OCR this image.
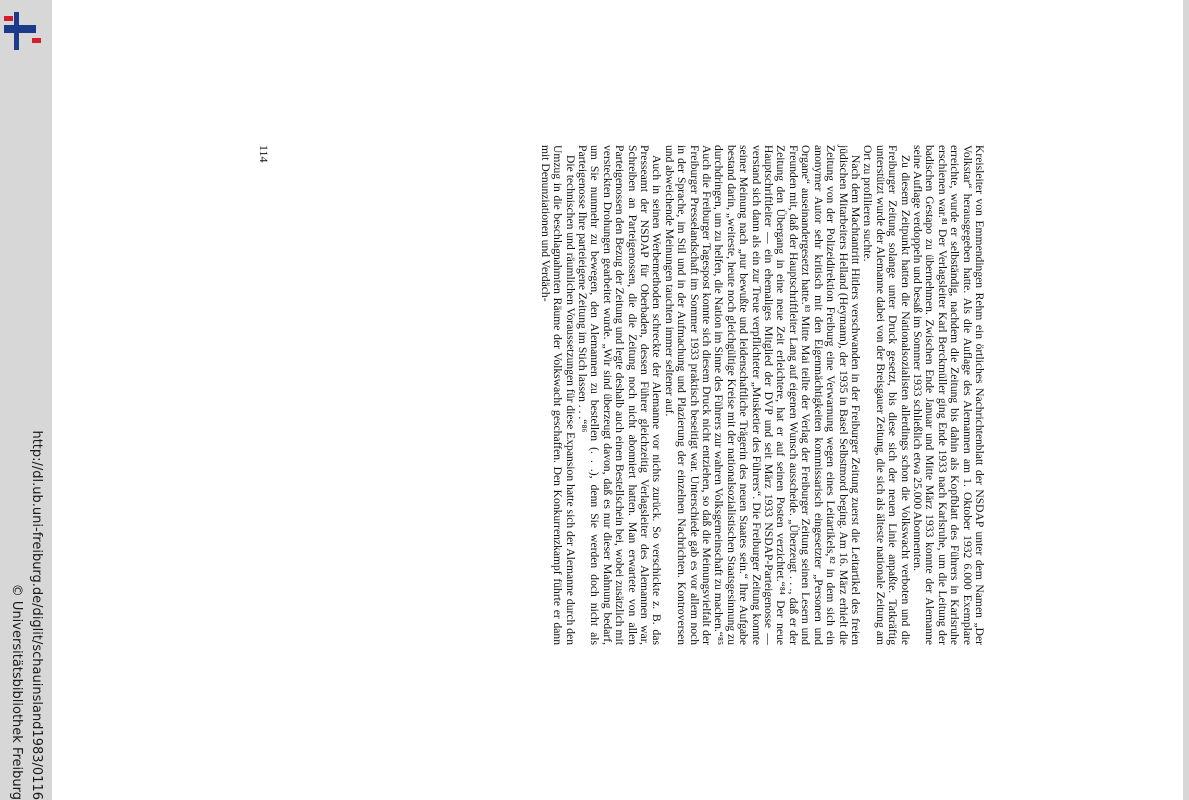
http://dl.ub.uni-freiburg.de/diglit/schauinsland1983/0116
© Universitätsbibliothek Freiburg

Kreisleiter von Emmendingen Rehm ein örtliches Nachrichtenblatt der NSDAP unter dem Namen „Der Volkstar“ herausgegeben hatte. Als die Auflage des Alemannen am 1. Oktober 1932 6.000 Exemplare erreichte, wurde er selbständig, nachdem die Zeitung bis dahin als Kopfblatt des Führers in Karlsruhe erschienen war.⁸¹ Der Verlagsleiter Karl Berckmüller ging Ende 1933 nach Karlsruhe, um die Leitung der badischen Gestapo zu übernehmen. Zwischen Ende Januar und Mitte März 1933 konnte der Alemanne seine Auflage verdoppeln und besaß im Sommer 1933 schließlich etwa 25.000 Abonnenten.

Zu diesem Zeitpunkt hatten die Nationalsozialisten allerdings schon die Volkswacht verboten und die Freiburger Zeitung solange unter Druck gesetzt, bis diese sich der neuen Linie anpaßte. Tatkräftig unterstützt wurde der Alemanne dabei von der Breisgauer Zeitung, die sich als älteste nationale Zeitung am Ort zu profilieren suchte.

Nach dem Machtantritt Hitlers verschwanden in der Freiburger Zeitung zuerst die Leitartikel des freien jüdischen Mitarbeiters Helland (Heymann), der 1935 in Basel Selbstmord beging. Am 16. März erhielt die Zeitung von der Polizeidirektion Freiburg eine Verwarnung wegen eines Leitartikels,⁸² in dem sich ein anonymer Autor sehr kritisch mit den Eigenmächtigkeiten kommissarisch eingesetzter „Personen und Organe“ auseinandergesetzt hatte.⁸³ Mitte Mai teilte der Verlag der Freiburger Zeitung seinen Lesern und Freunden mit, daß der Hauptschriftleiter Lang auf eigenen Wunsch ausscheide. „Überzeugt . . ., daß er der Zeitung den Übergang in eine neue Zeit erleichtere, hat er auf seinen Posten verzichtet.“⁸⁴ Der neue Hauptschriftleiter — ein ehemaliges Mitglied der DVP und seit März 1933 NSDAP-Parteigenosse — verstand sich dann als ein zur Treue verpflichteter „Musketier des Führers“. Die Freiburger Zeitung konnte seiner Meinung nach „nur bewußte und leidenschaftliche Trägerin des neuen Staates sein.“ Ihre Aufgabe bestand darin, „weiteste, heute noch gleichgültige Kreise mit der nationalsozialistischen Staatsgesinnung zu durchdringen, um zu helfen, die Nation im Sinne des Führers zur wahren Volksgemeinschaft zu machen.“⁸⁵ Auch die Freiburger Tagespost konnte sich diesem Druck nicht entziehen, so daß die Meinungsvielfalt der Freiburger Presselandschaft im Sommer 1933 praktisch beseitigt war. Unterschiede gab es vor allem noch in der Sprache, im Stil und in der Aufmachung und Plazierung der einzelnen Nachrichten. Kontroversen und abweichende Meinungen tauchten immer seltener auf.

Auch in seinen Werbemethoden schreckte der Alemanne vor nichts zurück. So verschickte z. B. das Presseamt der NSDAP für Oberbaden, dessen Führer gleichzeitig Verlagsleiter des Alemannen war, Schreiben an Parteigenossen, die die Zeitung noch nicht abonniert hatten. Man erwartete von allen Parteigenossen den Bezug der Zeitung und legte deshalb auch einen Bestellschein bei, wobei zusätzlich mit versteckten Drohungen gearbeitet wurde. „Wir sind überzeugt davon, daß es nur dieser Mahnung bedarf, um Sie nunmehr zu bewegen, den Alemannen zu bestellen (. . .), denn Sie werden doch nicht als Parteigenosse Ihre parteieigene Zeitung im Stich lassen . . .“⁸⁶

Die technischen und räumlichen Voraussetzungen für diese Expansion hatte sich der Alemanne durch den Umzug in die beschlagnahmten Räume der Volkswacht geschaffen. Den Konkurrenzkampf führte er dann mit Denunziationen und Verdäch-

114
